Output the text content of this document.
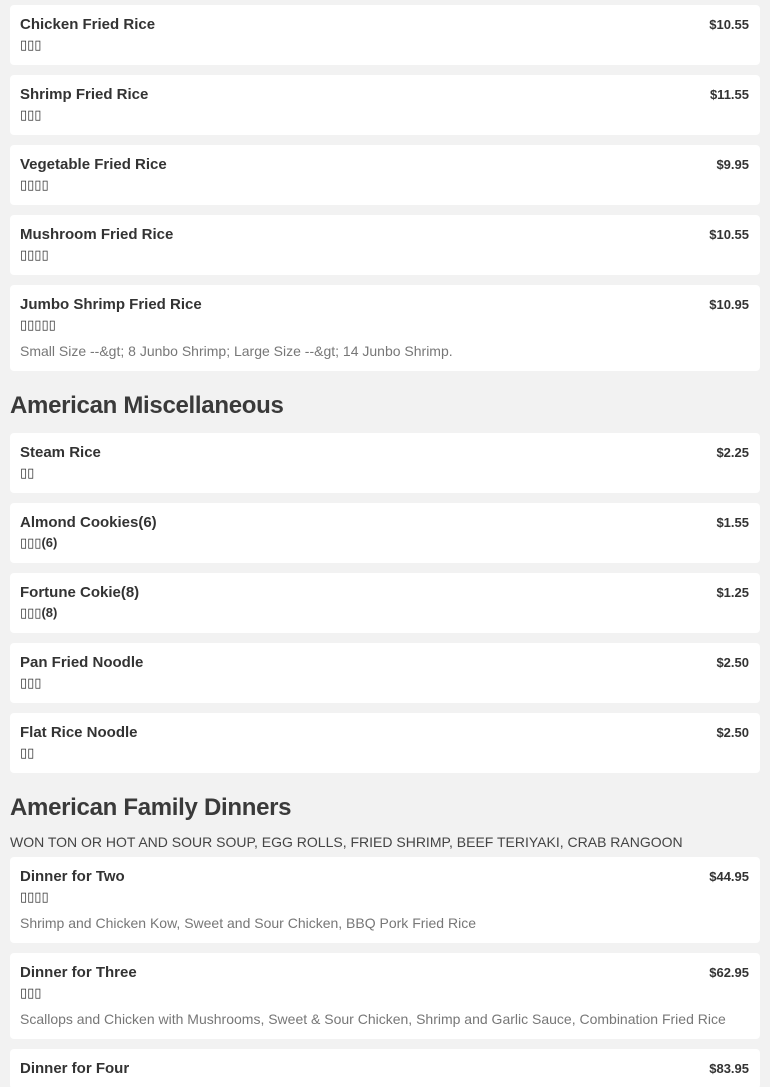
Chicken Fried Rice	$10.55
▯▯▯
Shrimp Fried Rice	$11.55
▯▯▯
Vegetable Fried Rice	$9.95
▯▯▯▯
Mushroom Fried Rice	$10.55
▯▯▯▯
Jumbo Shrimp Fried Rice	$10.95
▯▯▯▯▯
Small Size --&gt; 8 Junbo Shrimp; Large Size --&gt; 14 Junbo Shrimp.
American Miscellaneous
Steam Rice	$2.25
▯▯
Almond Cookies(6)	$1.55
▯▯▯(6)
Fortune Cokie(8)	$1.25
▯▯▯(8)
Pan Fried Noodle	$2.50
▯▯▯
Flat Rice Noodle	$2.50
▯▯
American Family Dinners
WON TON OR HOT AND SOUR SOUP, EGG ROLLS, FRIED SHRIMP, BEEF TERIYAKI, CRAB RANGOON
Dinner for Two	$44.95
▯▯▯▯
Shrimp and Chicken Kow, Sweet and Sour Chicken, BBQ Pork Fried Rice
Dinner for Three	$62.95
▯▯▯
Scallops and Chicken with Mushrooms, Sweet & Sour Chicken, Shrimp and Garlic Sauce, Combination Fried Rice
Dinner for Four	$83.95
